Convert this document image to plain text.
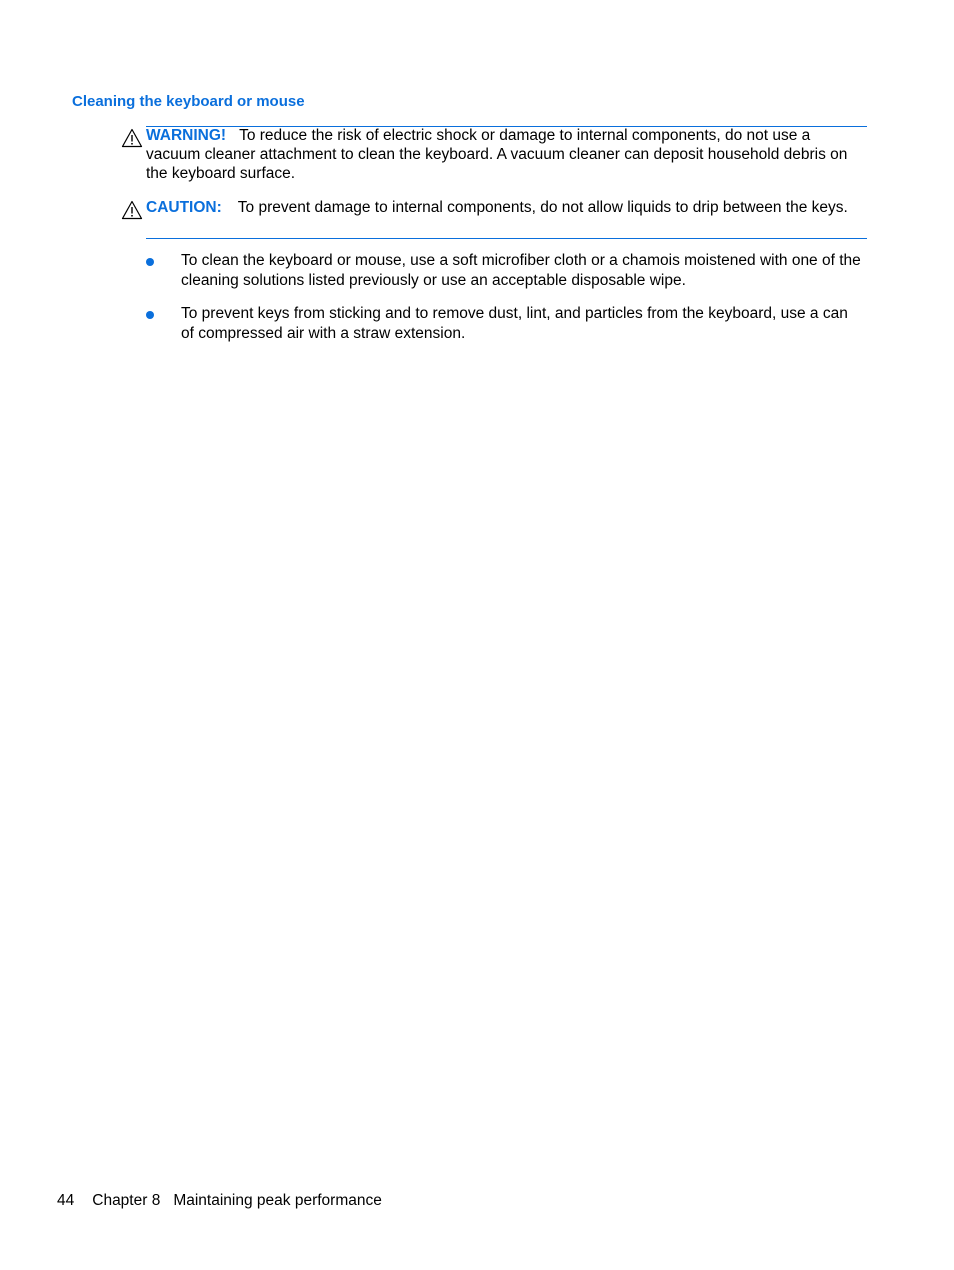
Cleaning the keyboard or mouse

WARNING! To reduce the risk of electric shock or damage to internal components, do not use a vacuum cleaner attachment to clean the keyboard. A vacuum cleaner can deposit household debris on the keyboard surface.

CAUTION: To prevent damage to internal components, do not allow liquids to drip between the keys.

To clean the keyboard or mouse, use a soft microfiber cloth or a chamois moistened with one of the cleaning solutions listed previously or use an acceptable disposable wipe.
To prevent keys from sticking and to remove dust, lint, and particles from the keyboard, use a can of compressed air with a straw extension.
44 Chapter 8 Maintaining peak performance
